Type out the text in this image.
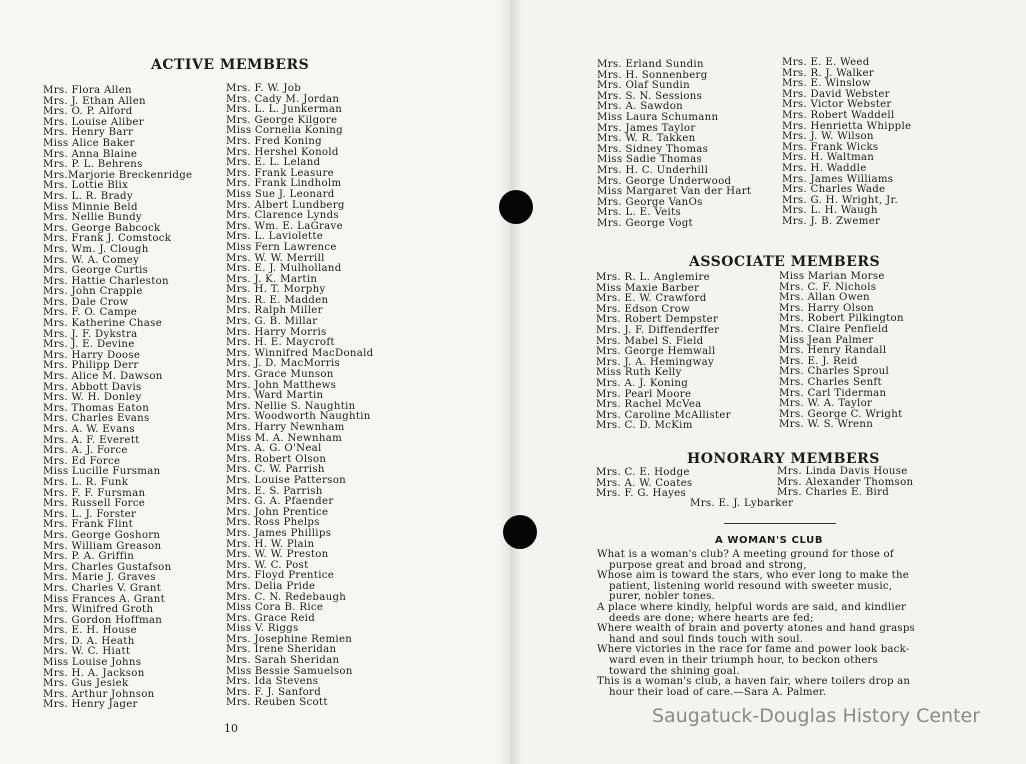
ACTIVE MEMBERS
Mrs. Flora Allen
Mrs. J. Ethan Allen
Mrs. O. P. Alford
Mrs. Louise Aliber
Mrs. Henry Barr
Miss Alice Baker
Mrs. Anna Blaine
Mrs. P. L. Behrens
Mrs.Marjorie Breckenridge
Mrs. Lottie Blix
Mrs. L. R. Brady
Miss Minnie Beld
Mrs. Nellie Bundy
Mrs. George Babcock
Mrs. Frank J. Comstock
Mrs. Wm. J. Clough
Mrs. W. A. Comey
Mrs. George Curtis
Mrs. Hattie Charleston
Mrs. John Crapple
Mrs. Dale Crow
Mrs. F. O. Campe
Mrs. Katherine Chase
Mrs. J. F. Dykstra
Mrs. J. E. Devine
Mrs. Harry Doose
Mrs. Philipp Derr
Mrs. Alice M. Dawson
Mrs. Abbott Davis
Mrs. W. H. Donley
Mrs. Thomas Eaton
Mrs. Charles Evans
Mrs. A. W. Evans
Mrs. A. F. Everett
Mrs. A. J. Force
Mrs. Ed Force
Miss Lucille Fursman
Mrs. L. R. Funk
Mrs. F. F. Fursman
Mrs. Russell Force
Mrs. L. J. Forster
Mrs. Frank Flint
Mrs. George Goshorn
Mrs. William Greason
Mrs. P. A. Griffin
Mrs. Charles Gustafson
Mrs. Marie J. Graves
Mrs. Charles V. Grant
Miss Frances A. Grant
Mrs. Winifred Groth
Mrs. Gordon Hoffman
Mrs. E. H. House
Mrs. D. A. Heath
Mrs. W. C. Hiatt
Miss Louise Johns
Mrs. H. A. Jackson
Mrs. Gus Jesiek
Mrs. Arthur Johnson
Mrs. Henry Jager
Mrs. F. W. Job
Mrs. Cady M. Jordan
Mrs. L. L. Junkerman
Mrs. George Kilgore
Miss Cornelia Koning
Mrs. Fred Koning
Mrs. Hershel Konold
Mrs. E. L. Leland
Mrs. Frank Leasure
Mrs. Frank Lindholm
Miss Sue J. Leonard
Mrs. Albert Lundberg
Mrs. Clarence Lynds
Mrs. Wm. E. LaGrave
Mrs. L. Laviolette
Miss Fern Lawrence
Mrs. W. W. Merrill
Mrs. E. J. Mulholland
Mrs. J. K. Martin
Mrs. H. T. Morphy
Mrs. R. E. Madden
Mrs. Ralph Miller
Mrs. G. B. Millar
Mrs. Harry Morris
Mrs. H. E. Maycroft
Mrs. Winnifred MacDonald
Mrs. J. D. MacMorris
Mrs. Grace Munson
Mrs. John Matthews
Mrs. Ward Martin
Mrs. Nellie S. Naughtin
Mrs. Woodworth Naughtin
Mrs. Harry Newnham
Miss M. A. Newnham
Mrs. A. G. O'Neal
Mrs. Robert Olson
Mrs. C. W. Parrish
Mrs. Louise Patterson
Mrs. E. S. Parrish
Mrs. G. A. Pfaender
Mrs. John Prentice
Mrs. Ross Phelps
Mrs. James Phillips
Mrs. H. W. Plain
Mrs. W. W. Preston
Mrs. W. C. Post
Mrs. Floyd Prentice
Mrs. Delia Pride
Mrs. C. N. Redebaugh
Miss Cora B. Rice
Mrs. Grace Reid
Miss V. Riggs
Mrs. Josephine Remien
Mrs. Irene Sheridan
Mrs. Sarah Sheridan
Miss Bessie Samuelson
Mrs. Ida Stevens
Mrs. F. J. Sanford
Mrs. Reuben Scott
Mrs. Erland Sundin
Mrs. H. Sonnenberg
Mrs. Olaf Sundin
Mrs. S. N. Sessions
Mrs. A. Sawdon
Miss Laura Schumann
Mrs. James Taylor
Mrs. W. R. Takken
Mrs. Sidney Thomas
Miss Sadie Thomas
Mrs. H. C. Underhill
Mrs. George Underwood
Miss Margaret Van der Hart
Mrs. George VanOs
Mrs. L. E. Veits
Mrs. George Vogt
Mrs. E. E. Weed
Mrs. R. J. Walker
Mrs. E. Winslow
Mrs. David Webster
Mrs. Victor Webster
Mrs. Robert Waddell
Mrs. Henrietta Whipple
Mrs. J. W. Wilson
Mrs. Frank Wicks
Mrs. H. Waltman
Mrs. H. Waddle
Mrs. James Williams
Mrs. Charles Wade
Mrs. G. H. Wright, Jr.
Mrs. L. H. Waugh
Mrs. J. B. Zwemer
10
ASSOCIATE MEMBERS
Mrs. R. L. Anglemire
Miss Maxie Barber
Mrs. E. W. Crawford
Mrs. Edson Crow
Mrs. Robert Dempster
Mrs. J. F. Diffenderffer
Mrs. Mabel S. Field
Mrs. George Hemwall
Mrs. J. A. Hemingway
Miss Ruth Kelly
Mrs. A. J. Koning
Mrs. Pearl Moore
Mrs. Rachel McVea
Mrs. Caroline McAllister
Mrs. C. D. McKim
Miss Marian Morse
Mrs. C. F. Nichols
Mrs. Allan Owen
Mrs. Harry Olson
Mrs. Robert Pilkington
Mrs. Claire Penfield
Miss Jean Palmer
Mrs. Henry Randall
Mrs. E. J. Reid
Mrs. Charles Sproul
Mrs. Charles Senft
Mrs. Carl Tiderman
Mrs. W. A. Taylor
Mrs. George C. Wright
Mrs. W. S. Wrenn
HONORARY MEMBERS
Mrs. C. E. Hodge
Mrs. A. W. Coates
Mrs. F. G. Hayes
Mrs. Linda Davis House
Mrs. Alexander Thomson
Mrs. Charles E. Bird
Mrs. E. J. Lybarker
A WOMAN'S CLUB
What is a woman's club? A meeting ground for those of
purpose great and broad and strong,
Whose aim is toward the stars, who ever long to make the
patient, listening world resound with sweeter music,
purer, nobler tones.
A place where kindly, helpful words are said, and kindlier
deeds are done; where hearts are fed;
Where wealth of brain and poverty atones and hand grasps
hand and soul finds touch with soul.
Where victories in the race for fame and power look back-
ward even in their triumph hour, to beckon others
toward the shining goal.
This is a woman's club, a haven fair, where toilers drop an
hour their load of care.—Sara A. Palmer.
Saugatuck-Douglas History Center
